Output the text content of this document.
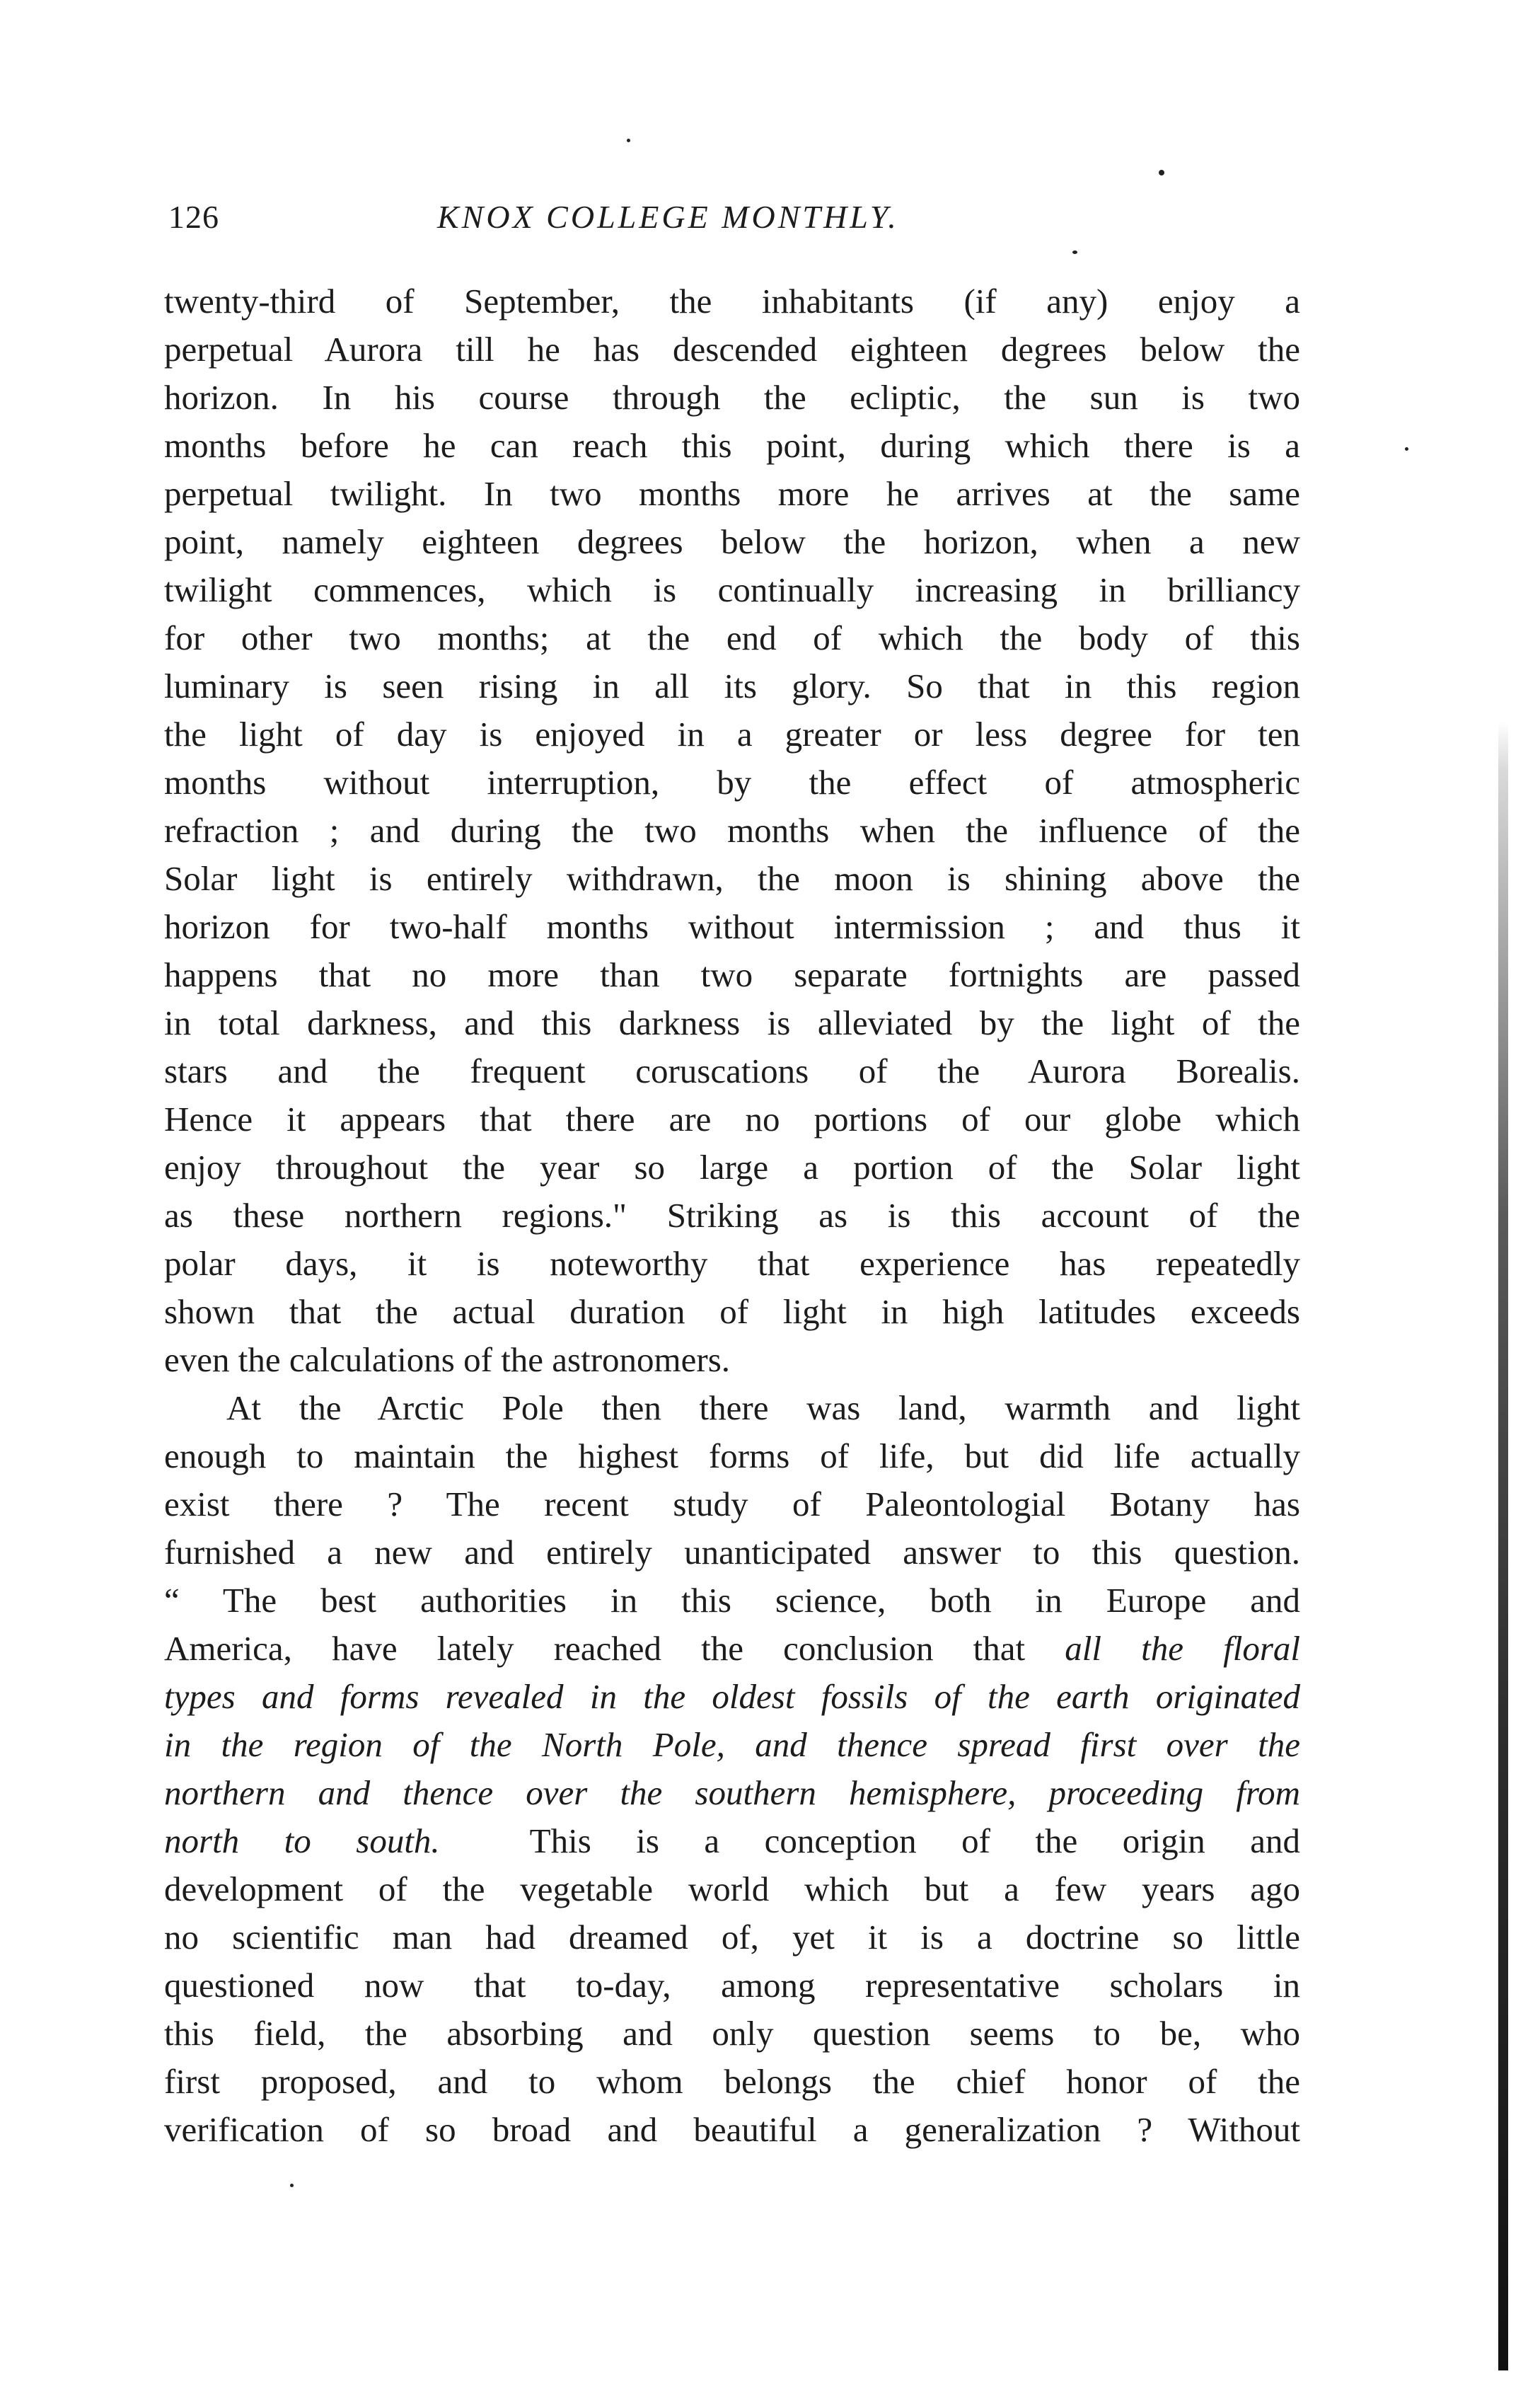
126	KNOX COLLEGE MONTHLY.
twenty-third of September, the inhabitants (if any) enjoy a
perpetual Aurora till he has descended eighteen degrees below the
horizon. In his course through the ecliptic, the sun is two
months before he can reach this point, during which there is a
perpetual twilight. In two months more he arrives at the same
point, namely eighteen degrees below the horizon, when a new
twilight commences, which is continually increasing in brilliancy
for other two months; at the end of which the body of this
luminary is seen rising in all its glory. So that in this region
the light of day is enjoyed in a greater or less degree for ten
months without interruption, by the effect of atmospheric
refraction ; and during the two months when the influence of the
Solar light is entirely withdrawn, the moon is shining above the
horizon for two-half months without intermission ; and thus it
happens that no more than two separate fortnights are passed
in total darkness, and this darkness is alleviated by the light of the
stars and the frequent coruscations of the Aurora Borealis.
Hence it appears that there are no portions of our globe which
enjoy throughout the year so large a portion of the Solar light
as these northern regions." Striking as is this account of the
polar days, it is noteworthy that experience has repeatedly
shown that the actual duration of light in high latitudes exceeds
even the calculations of the astronomers.
At the Arctic Pole then there was land, warmth and light
enough to maintain the highest forms of life, but did life actually
exist there ? The recent study of Paleontologial Botany has
furnished a new and entirely unanticipated answer to this question.
“ The best authorities in this science, both in Europe and
America, have lately reached the conclusion that all the floral
types and forms revealed in the oldest fossils of the earth originated
in the region of the North Pole, and thence spread first over the
northern and thence over the southern hemisphere, proceeding from
north to south.	This is a conception of the origin and
development of the vegetable world which but a few years ago
no scientific man had dreamed of, yet it is a doctrine so little
questioned now that to-day, among representative scholars in
this field, the absorbing and only question seems to be, who
first proposed, and to whom belongs the chief honor of the
verification of so broad and beautiful a generalization ? Without
